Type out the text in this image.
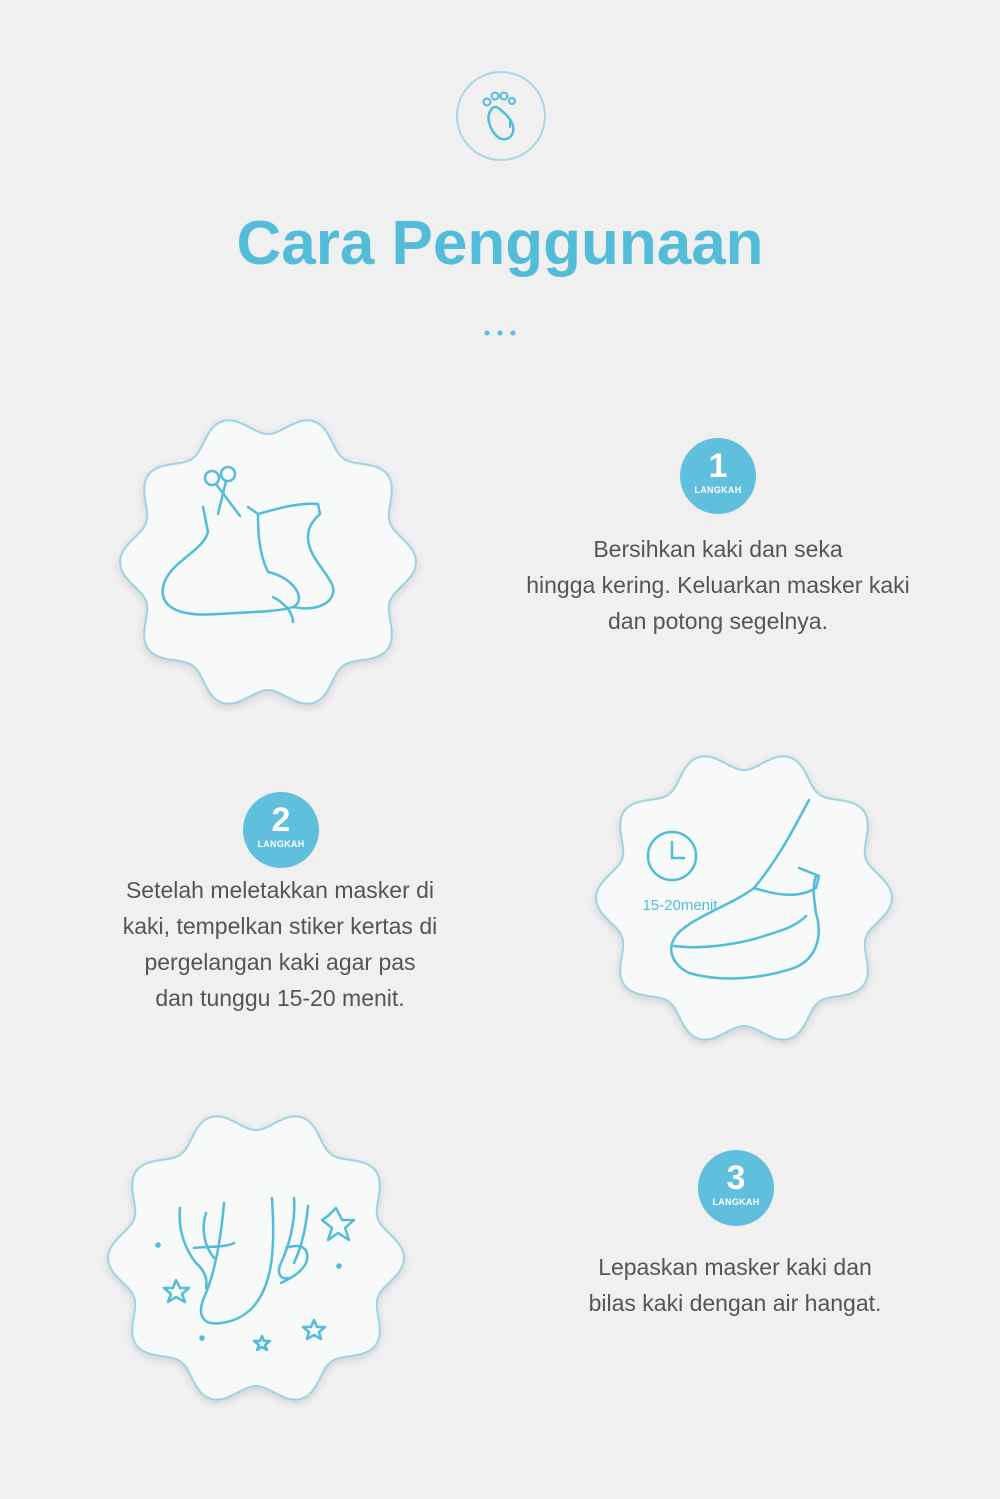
Cara Penggunaan
1
LANGKAH
Bersihkan kaki dan seka
hingga kering. Keluarkan masker kaki
dan potong segelnya.
2
LANGKAH
Setelah meletakkan masker di
kaki, tempelkan stiker kertas di
pergelangan kaki agar pas
dan tunggu 15-20 menit.
15-20menit
3
LANGKAH
Lepaskan masker kaki dan
bilas kaki dengan air hangat.
